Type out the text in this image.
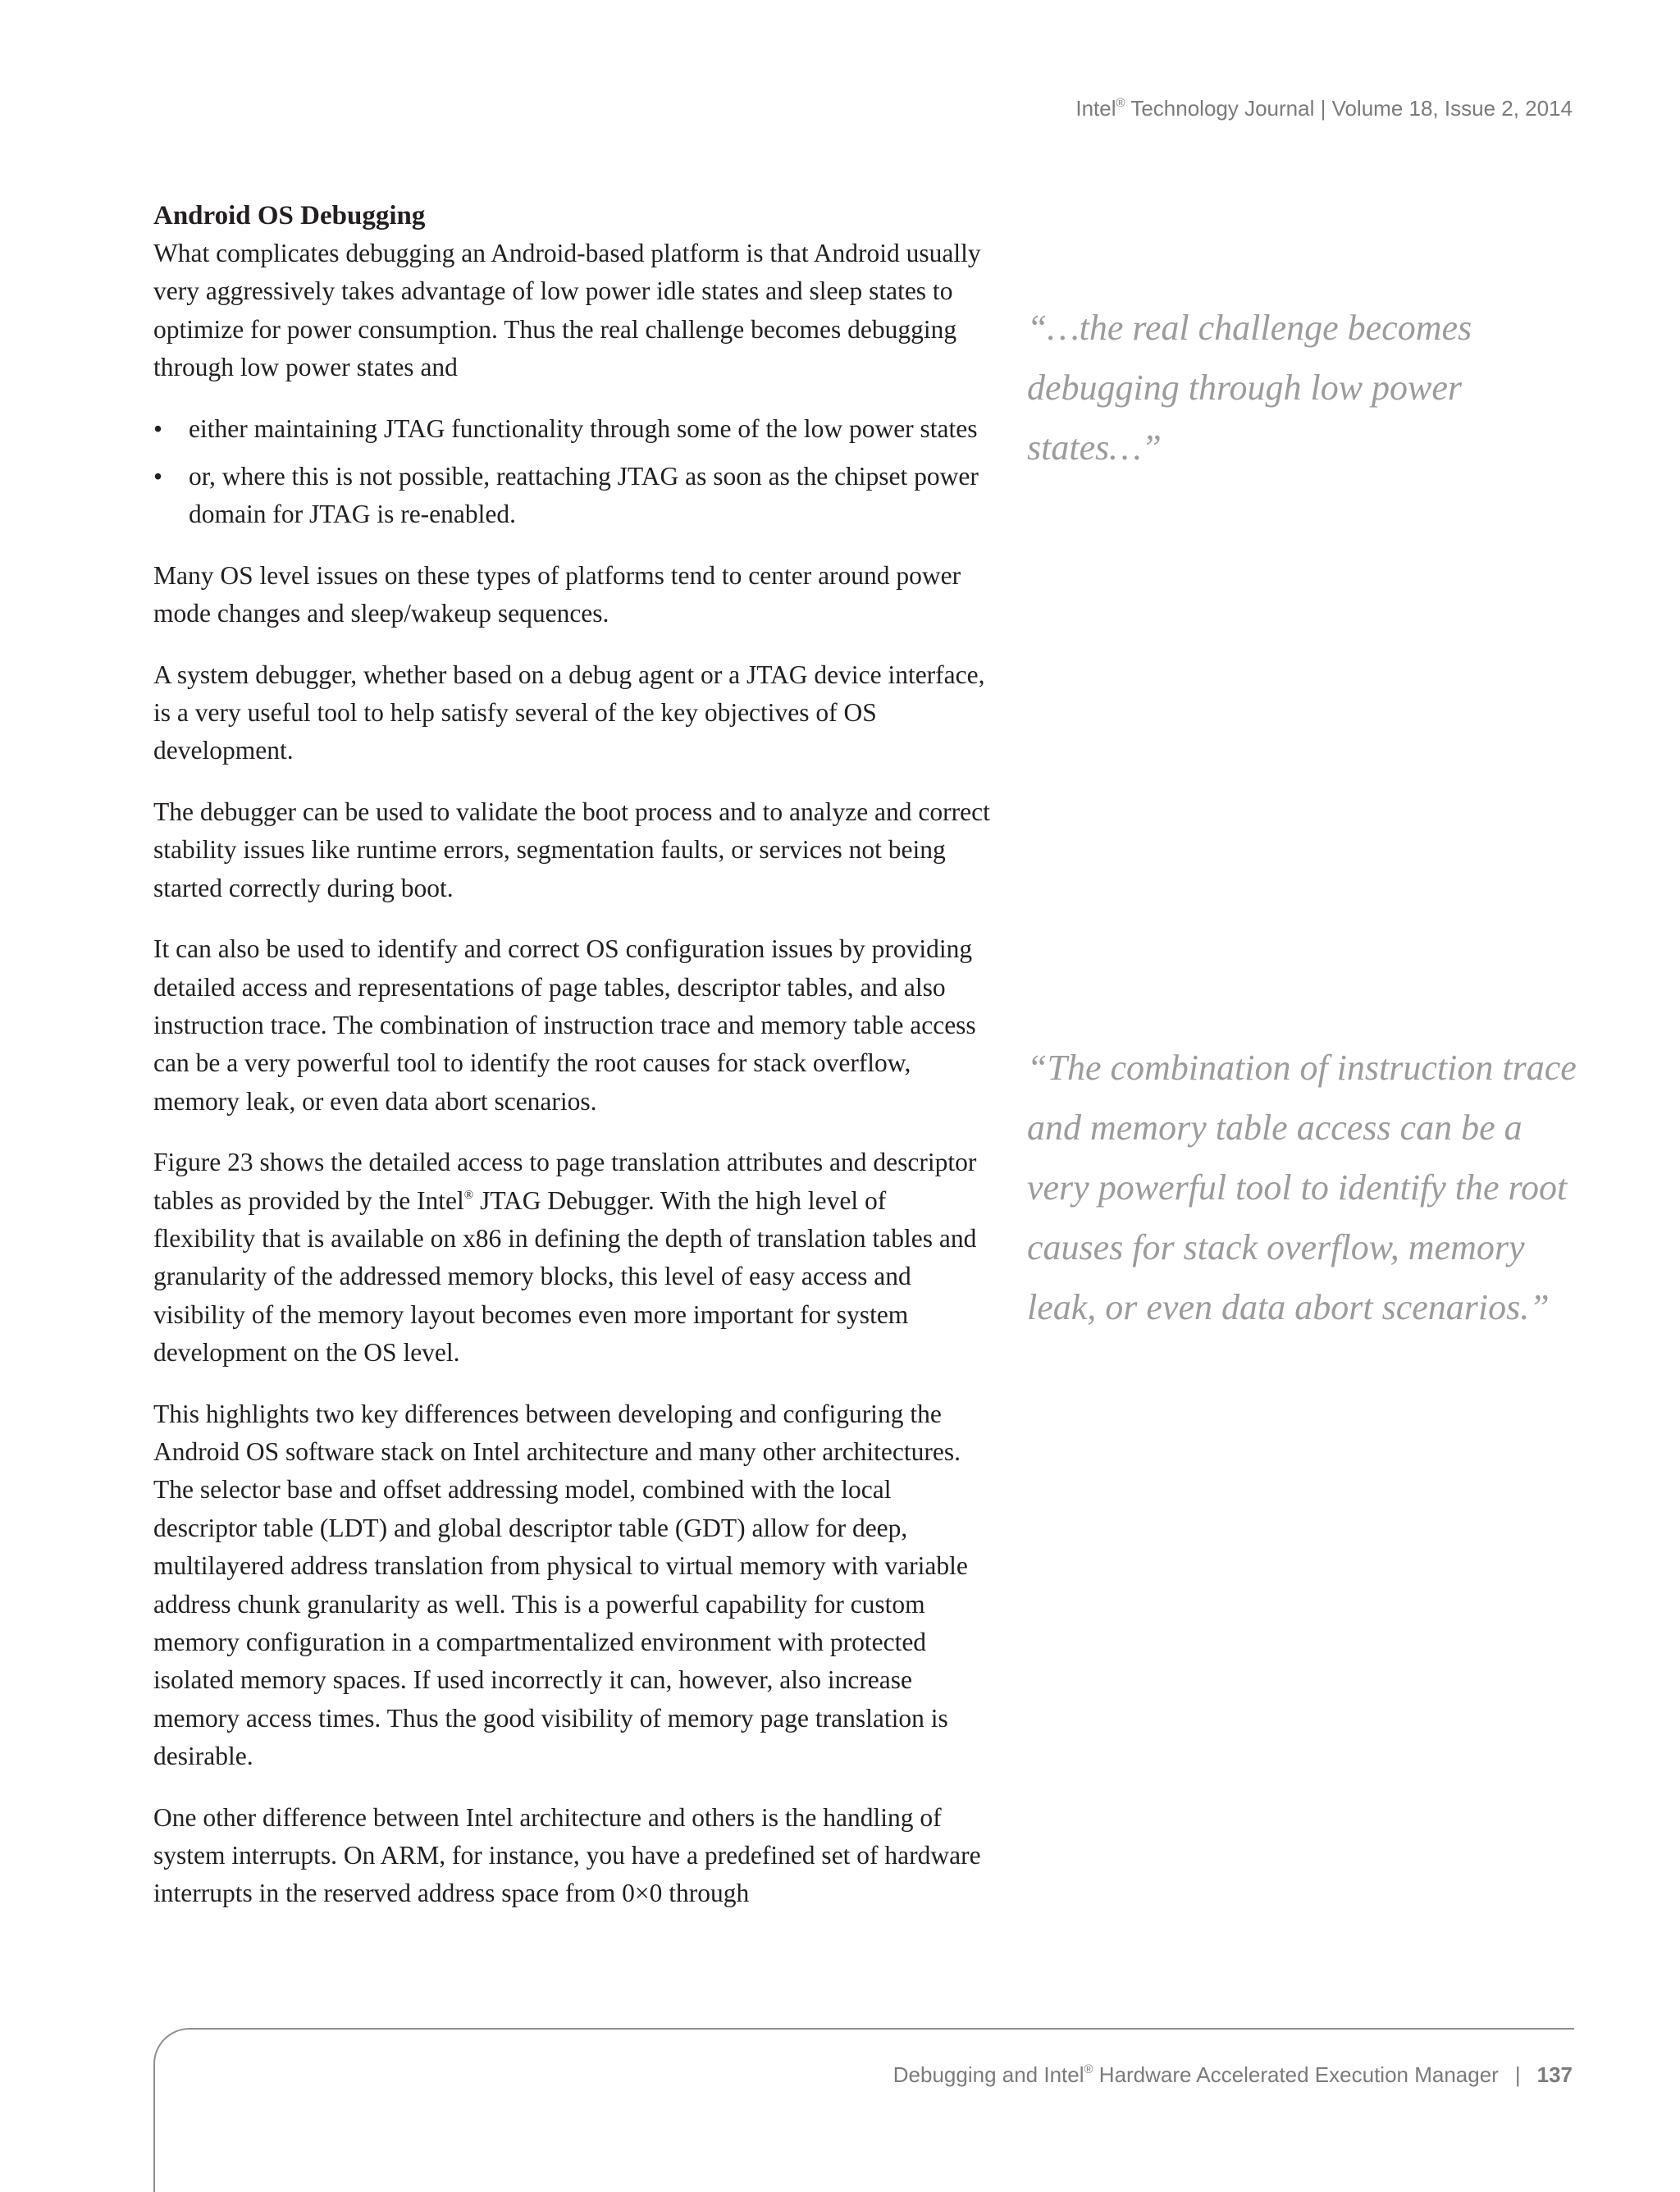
Intel® Technology Journal | Volume 18, Issue 2, 2014
Android OS Debugging

What complicates debugging an Android-based platform is that Android usually very aggressively takes advantage of low power idle states and sleep states to optimize for power consumption. Thus the real challenge becomes debugging through low power states and

• either maintaining JTAG functionality through some of the low power states
• or, where this is not possible, reattaching JTAG as soon as the chipset power domain for JTAG is re-enabled.

Many OS level issues on these types of platforms tend to center around power mode changes and sleep/wakeup sequences.

A system debugger, whether based on a debug agent or a JTAG device interface, is a very useful tool to help satisfy several of the key objectives of OS development.

The debugger can be used to validate the boot process and to analyze and correct stability issues like runtime errors, segmentation faults, or services not being started correctly during boot.

It can also be used to identify and correct OS configuration issues by providing detailed access and representations of page tables, descriptor tables, and also instruction trace. The combination of instruction trace and memory table access can be a very powerful tool to identify the root causes for stack overflow, memory leak, or even data abort scenarios.

Figure 23 shows the detailed access to page translation attributes and descriptor tables as provided by the Intel® JTAG Debugger. With the high level of flexibility that is available on x86 in defining the depth of translation tables and granularity of the addressed memory blocks, this level of easy access and visibility of the memory layout becomes even more important for system development on the OS level.

This highlights two key differences between developing and configuring the Android OS software stack on Intel architecture and many other architectures. The selector base and offset addressing model, combined with the local descriptor table (LDT) and global descriptor table (GDT) allow for deep, multilayered address translation from physical to virtual memory with variable address chunk granularity as well. This is a powerful capability for custom memory configuration in a compartmentalized environment with protected isolated memory spaces. If used incorrectly it can, however, also increase memory access times. Thus the good visibility of memory page translation is desirable.

One other difference between Intel architecture and others is the handling of system interrupts. On ARM, for instance, you have a predefined set of hardware interrupts in the reserved address space from 0×0 through

“…the real challenge becomes debugging through low power states…”
“The combination of instruction trace and memory table access can be a very powerful tool to identify the root causes for stack overflow, memory leak, or even data abort scenarios.”
Debugging and Intel® Hardware Accelerated Execution Manager | 137
